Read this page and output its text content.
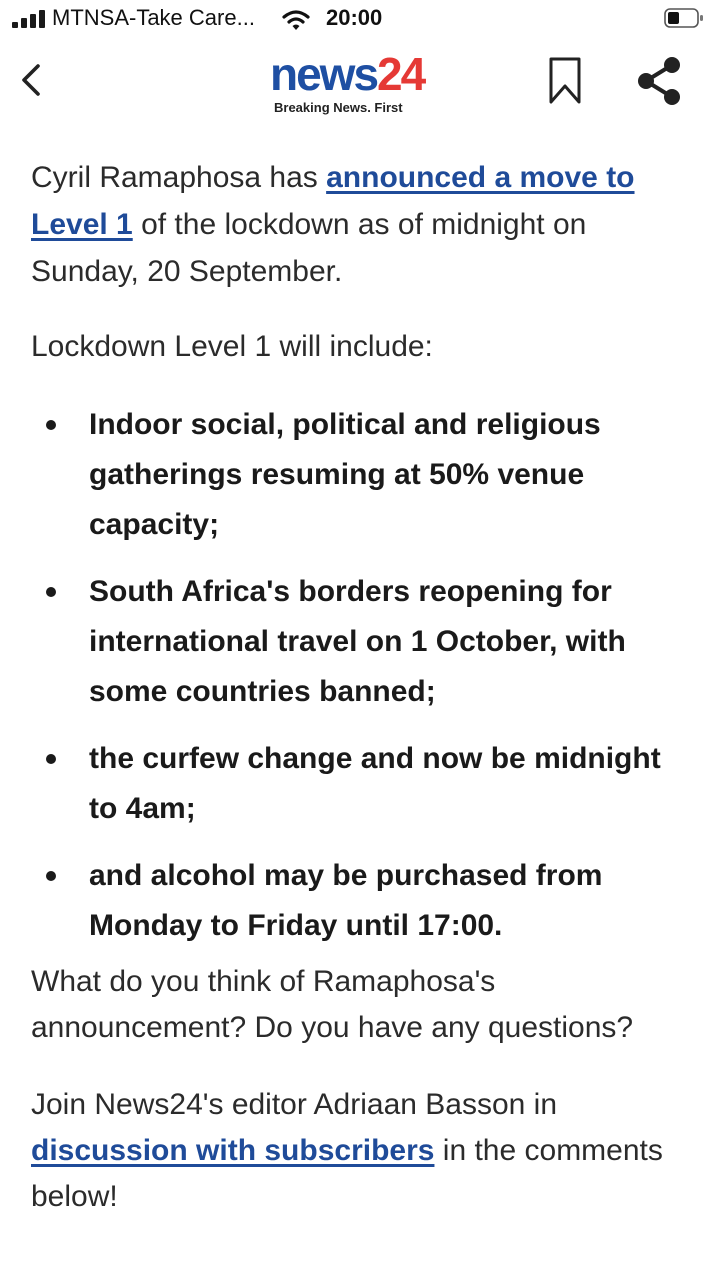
MTNSA-Take Care...	20:00
news24
Breaking News. First

Cyril Ramaphosa has announced a move to Level 1 of the lockdown as of midnight on Sunday, 20 September.

Lockdown Level 1 will include:

Indoor social, political and religious gatherings resuming at 50% venue capacity;
South Africa's borders reopening for international travel on 1 October, with some countries banned;
the curfew change and now be midnight to 4am;
and alcohol may be purchased from Monday to Friday until 17:00.

What do you think of Ramaphosa's announcement? Do you have any questions?

Join News24's editor Adriaan Basson in discussion with subscribers in the comments below!
